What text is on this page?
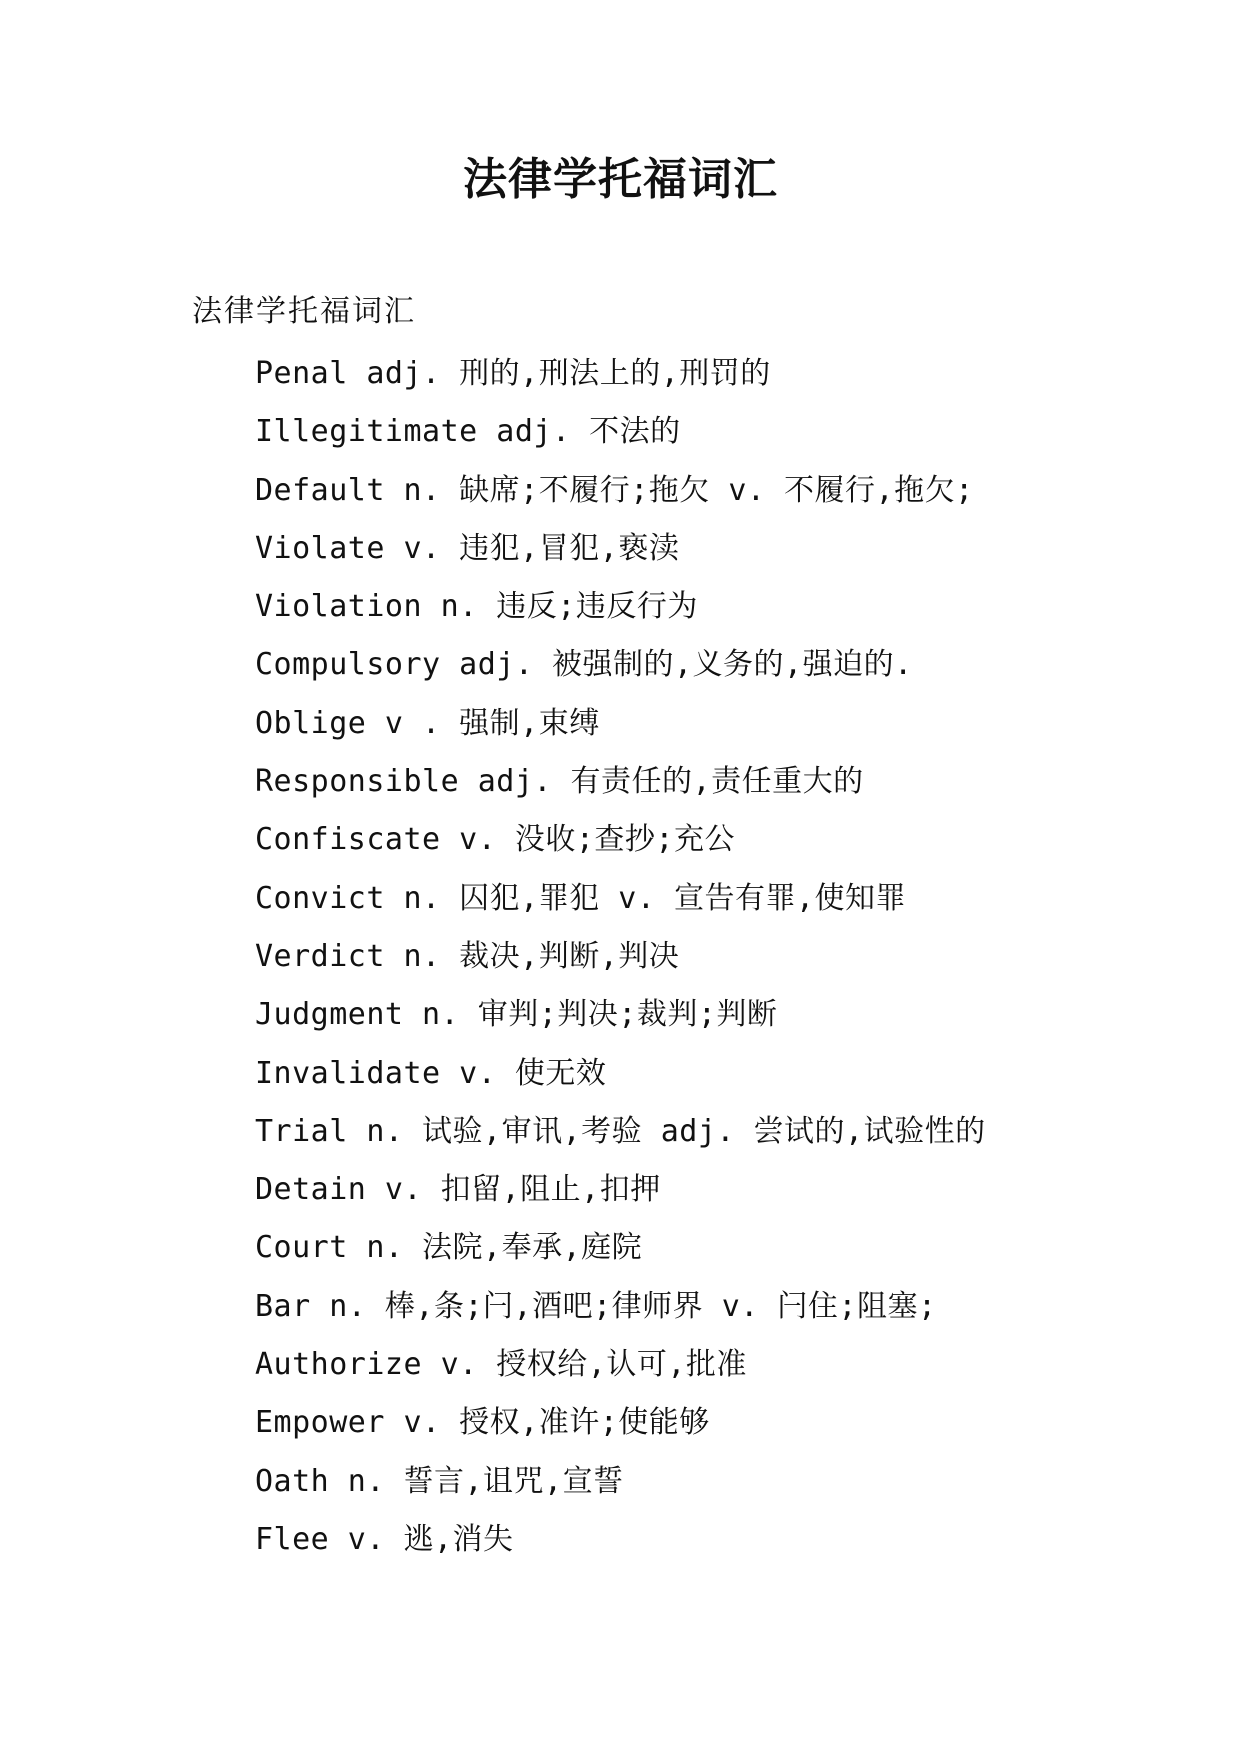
法律学托福词汇
法律学托福词汇
Penal adj. 刑的,刑法上的,刑罚的
Illegitimate adj. 不法的
Default n. 缺席;不履行;拖欠 v. 不履行,拖欠;
Violate v. 违犯,冒犯,亵渎
Violation n. 违反;违反行为
Compulsory adj. 被强制的,义务的,强迫的.
Oblige v . 强制,束缚
Responsible adj. 有责任的,责任重大的
Confiscate v. 没收;查抄;充公
Convict n. 囚犯,罪犯 v. 宣告有罪,使知罪
Verdict n. 裁决,判断,判决
Judgment n. 审判;判决;裁判;判断
Invalidate v. 使无效
Trial n. 试验,审讯,考验 adj. 尝试的,试验性的
Detain v. 扣留,阻止,扣押
Court n. 法院,奉承,庭院
Bar n. 棒,条;闩,酒吧;律师界 v. 闩住;阻塞;
Authorize v. 授权给,认可,批准
Empower v. 授权,准许;使能够
Oath n. 誓言,诅咒,宣誓
Flee v. 逃,消失
